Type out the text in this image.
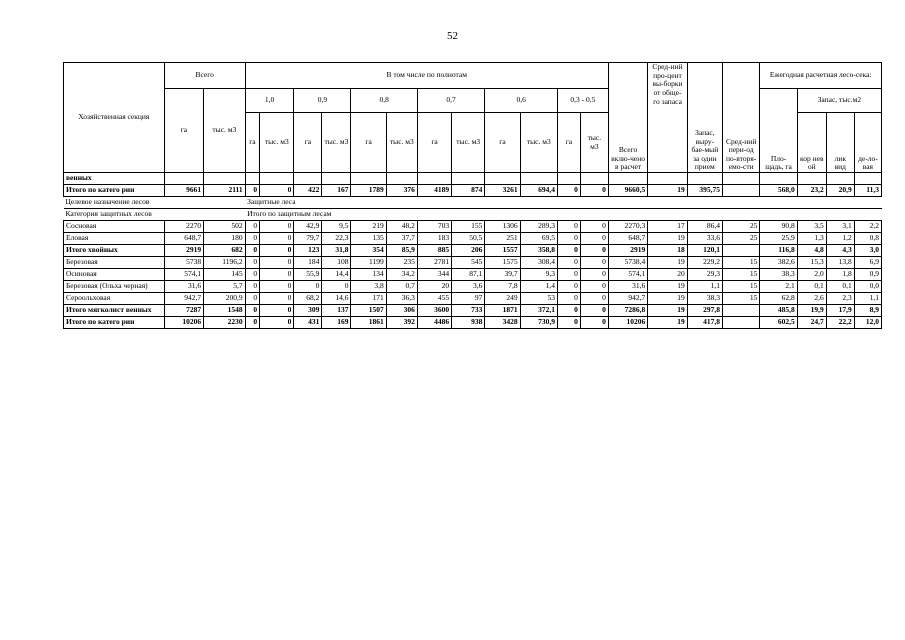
52
Хозяйственная секция	Всего		В том числе по полнотам												Всего вклю-чено в расчет	Сред-ний про-цент вы-борки от обще-го запаса	Запас, выру-бае-мый за один прием	Сред-ний пери-од по-вторя-емо-сти	Ежегодная расчетная лесо-сека:			
	га	тыс. м3	1,0		0,9		0,8		0,7		0,6		0,3 - 0,5						Пло-щадь, га	Запас, тыс.м2		
			га	тыс. м3	га	тыс. м3	га	тыс. м3	га	тыс. м3	га	тыс. м3	га	тыс. м3						кор нев ой	лик вид	де-ло-вая
венных																						
Итого по катего рии	9661	2111	0	0	422	167	1789	376	4189	874	3261	694,4	0	0	9660,5	19	395,75		568,0	23,2	20,9	11,3
Целевое назначение лесов			Защитные леса																			
Категория защитных лесов			Итого по защитным лесам																			
Сосновая	2270	502	0	0	42,9	9,5	219	48,2	703	155	1306	289,3	0	0	2270,3	17	86,4	25	90,8	3,5	3,1	2,2
Еловая	648,7	180	0	0	79,7	22,3	135	37,7	183	50,5	251	69,5	0	0	648,7	19	33,6	25	25,9	1,3	1,2	0,8
Итого хвойных	2919	682	0	0	123	31,8	354	85,9	885	206	1557	358,8	0	0	2919	18	120,1		116,8	4,8	4,3	3,0
Березовая	5738	1196,2	0	0	184	108	1199	235	2781	545	1575	308,4	0	0	5738,4	19	229,2	15	382,6	15,3	13,8	6,9
Осиновая	574,1	145	0	0	55,9	14,4	134	34,2	344	87,1	39,7	9,3	0	0	574,1	20	29,3	15	38,3	2,0	1,8	0,9
Березовая (Ольха черная)	31,6	5,7	0	0	0	0	3,8	0,7	20	3,6	7,8	1,4	0	0	31,6	19	1,1	15	2,1	0,1	0,1	0,0
Сероольховая	942,7	200,9	0	0	68,2	14,6	171	36,3	455	97	249	53	0	0	942,7	19	38,3	15	62,8	2,6	2,3	1,1
Итого мягколист венных	7287	1548	0	0	309	137	1507	306	3600	733	1871	372,1	0	0	7286,8	19	297,8		485,8	19,9	17,9	8,9
Итого по катего рии	10206	2230	0	0	431	169	1861	392	4486	938	3428	730,9	0	0	10206	19	417,8		602,5	24,7	22,2	12,0
